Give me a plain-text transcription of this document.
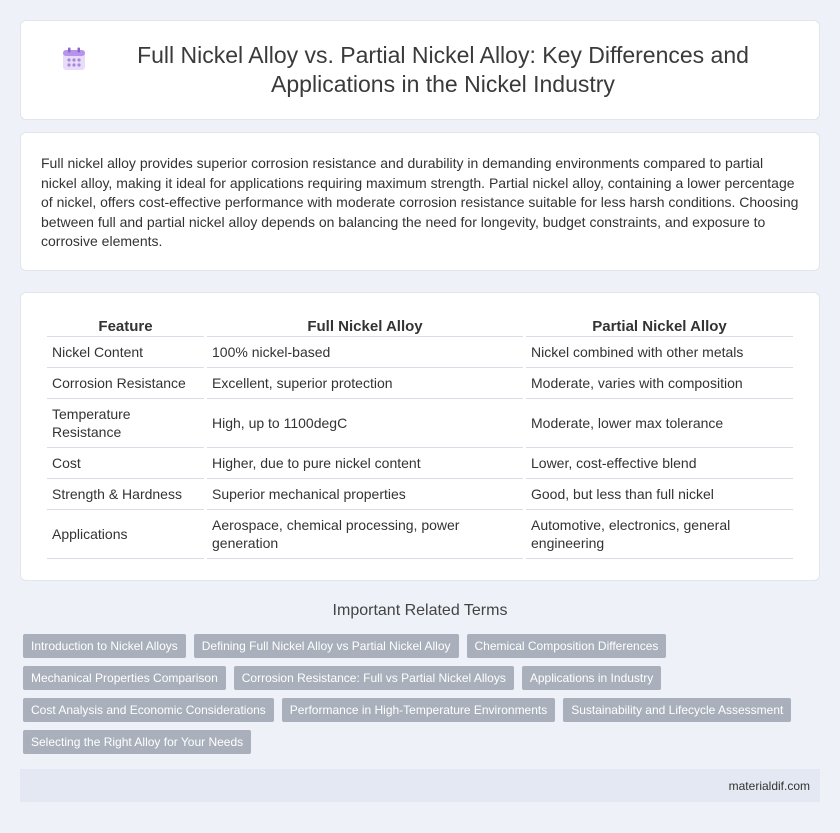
Full Nickel Alloy vs. Partial Nickel Alloy: Key Differences and Applications in the Nickel Industry

Full nickel alloy provides superior corrosion resistance and durability in demanding environments compared to partial nickel alloy, making it ideal for applications requiring maximum strength. Partial nickel alloy, containing a lower percentage of nickel, offers cost-effective performance with moderate corrosion resistance suitable for less harsh conditions. Choosing between full and partial nickel alloy depends on balancing the need for longevity, budget constraints, and exposure to corrosive elements.

Feature	Full Nickel Alloy	Partial Nickel Alloy
Nickel Content	100% nickel-based	Nickel combined with other metals
Corrosion Resistance	Excellent, superior protection	Moderate, varies with composition
Temperature Resistance	High, up to 1100degC	Moderate, lower max tolerance
Cost	Higher, due to pure nickel content	Lower, cost-effective blend
Strength & Hardness	Superior mechanical properties	Good, but less than full nickel
Applications	Aerospace, chemical processing, power generation	Automotive, electronics, general engineering
Important Related Terms
Introduction to Nickel Alloys	Defining Full Nickel Alloy vs Partial Nickel Alloy	Chemical Composition Differences
Mechanical Properties Comparison	Corrosion Resistance: Full vs Partial Nickel Alloys	Applications in Industry
Cost Analysis and Economic Considerations	Performance in High-Temperature Environments	Sustainability and Lifecycle Assessment
Selecting the Right Alloy for Your Needs
materialdif.com
